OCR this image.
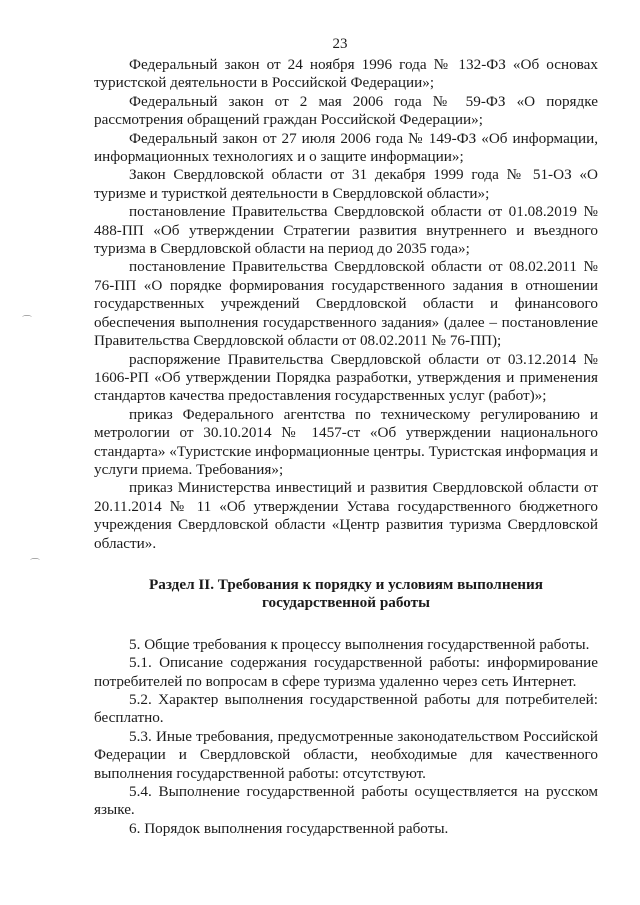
23
⌒
⌒

Федеральный закон от 24 ноября 1996 года № 132-ФЗ «Об основах туристской деятельности в Российской Федерации»;

Федеральный закон от 2 мая 2006 года № 59-ФЗ «О порядке рассмотрения обращений граждан Российской Федерации»;

Федеральный закон от 27 июля 2006 года № 149-ФЗ «Об информации, информационных технологиях и о защите информации»;

Закон Свердловской области от 31 декабря 1999 года № 51-ОЗ «О туризме и туристкой деятельности в Свердловской области»;

постановление Правительства Свердловской области от 01.08.2019 № 488-ПП «Об утверждении Стратегии развития внутреннего и въездного туризма в Свердловской области на период до 2035 года»;

постановление Правительства Свердловской области от 08.02.2011 № 76-ПП «О порядке формирования государственного задания в отношении государственных учреждений Свердловской области и финансового обеспечения выполнения государственного задания» (далее – постановление Правительства Свердловской области от 08.02.2011 № 76-ПП);

распоряжение Правительства Свердловской области от 03.12.2014 № 1606-РП «Об утверждении Порядка разработки, утверждения и применения стандартов качества предоставления государственных услуг (работ)»;

приказ Федерального агентства по техническому регулированию и метрологии от 30.10.2014 № 1457-ст «Об утверждении национального стандарта» «Туристские информационные центры. Туристская информация и услуги приема. Требования»;

приказ Министерства инвестиций и развития Свердловской области от 20.11.2014 № 11 «Об утверждении Устава государственного бюджетного учреждения Свердловской области «Центр развития туризма Свердловской области».

Раздел II. Требования к порядку и условиям выполнения государственной работы

5. Общие требования к процессу выполнения государственной работы.

5.1. Описание содержания государственной работы: информирование потребителей по вопросам в сфере туризма удаленно через сеть Интернет.

5.2. Характер выполнения государственной работы для потребителей: бесплатно.

5.3. Иные требования, предусмотренные законодательством Российской Федерации и Свердловской области, необходимые для качественного выполнения государственной работы: отсутствуют.

5.4. Выполнение государственной работы осуществляется на русском языке.

6. Порядок выполнения государственной работы.
